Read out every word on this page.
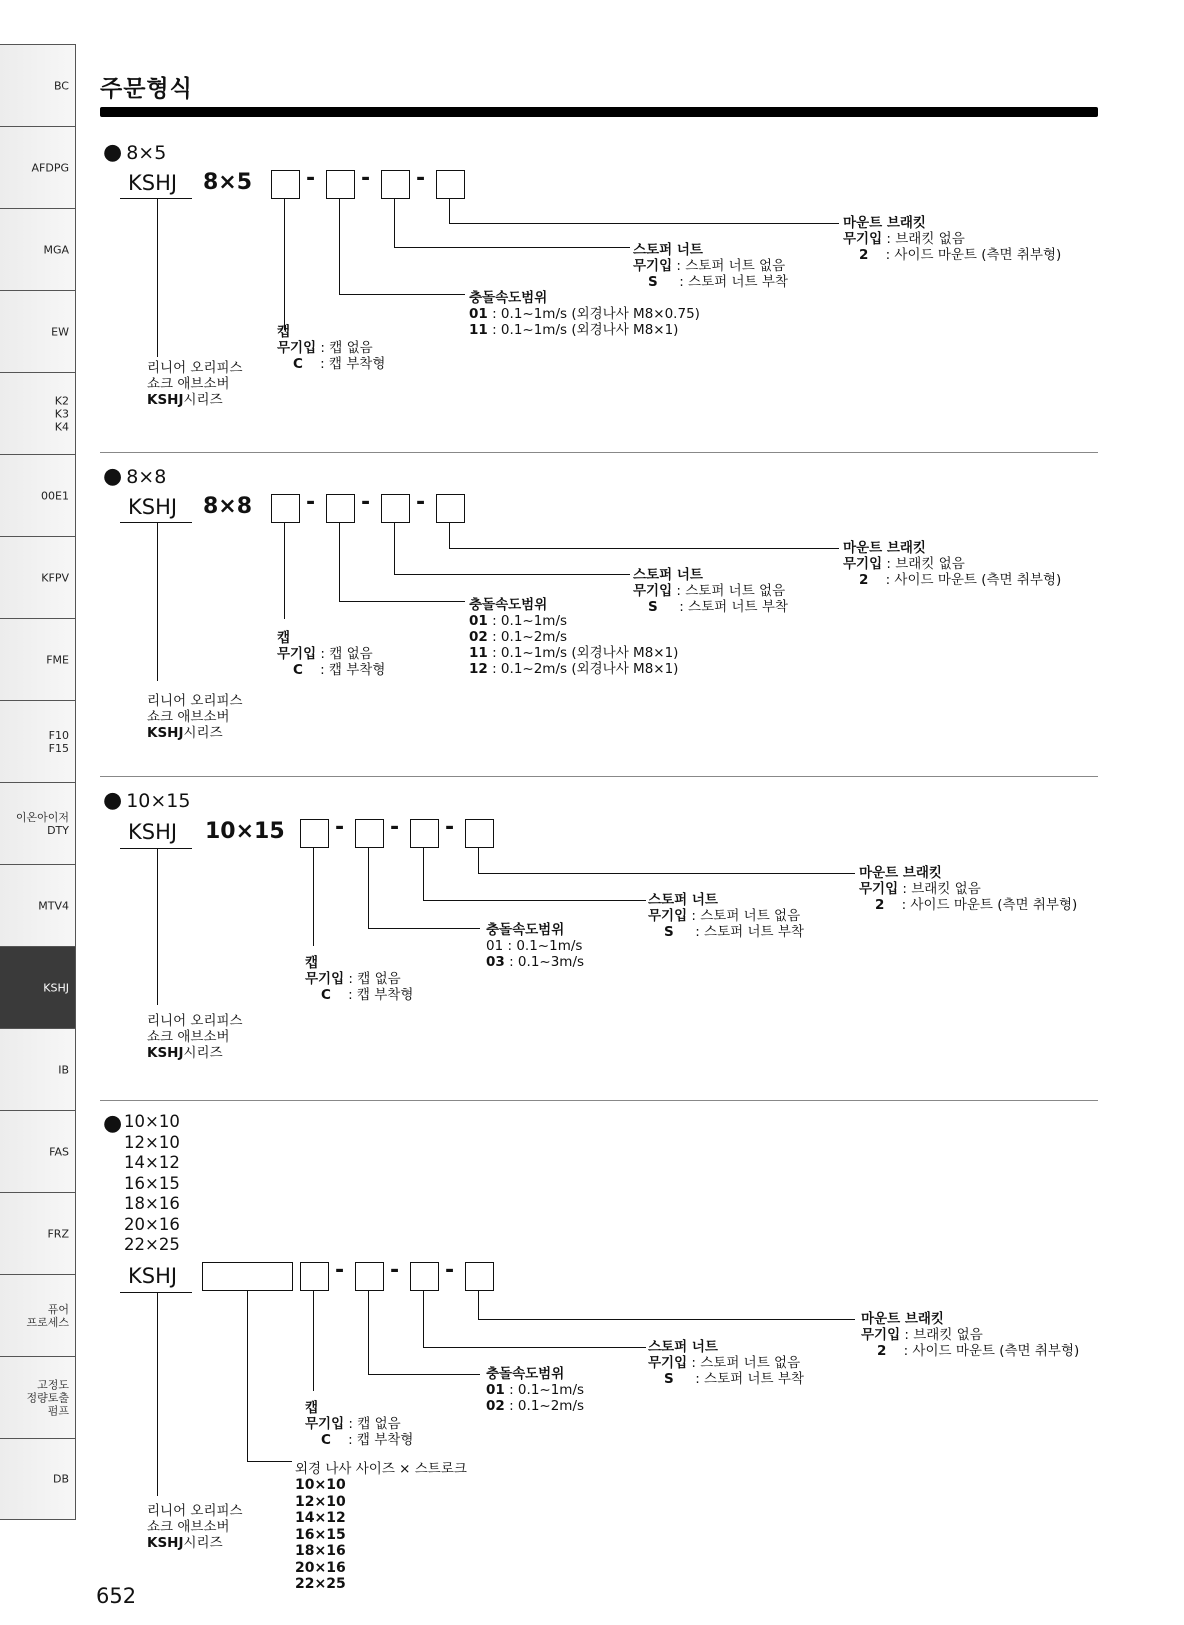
BC
AFDPG
MGA
EW
K2
K3
K4
00E1
KFPV
FME
F10
F15
이온아이저
DTY
MTV4
KSHJ
IB
FAS
FRZ
퓨어
프로세스
고정도
정량토출
펌프
DB
주문형식
● 8×5
KSHJ 8×5 - - -
마운트 브래킷
무기입 : 브래킷 없음
2 : 사이드 마운트 (측면 취부형)
스토퍼 너트
무기입 : 스토퍼 너트 없음
S : 스토퍼 너트 부착
충돌속도범위
01 : 0.1~1m/s (외경나사 M8×0.75)
11 : 0.1~1m/s (외경나사 M8×1)
캡
무기입 : 캡 없음
C : 캡 부착형
리니어 오리피스
쇼크 애브소버
KSHJ시리즈
● 8×8
KSHJ 8×8 - - -
마운트 브래킷
무기입 : 브래킷 없음
2 : 사이드 마운트 (측면 취부형)
스토퍼 너트
무기입 : 스토퍼 너트 없음
S : 스토퍼 너트 부착
충돌속도범위
01 : 0.1~1m/s
02 : 0.1~2m/s
11 : 0.1~1m/s (외경나사 M8×1)
12 : 0.1~2m/s (외경나사 M8×1)
캡
무기입 : 캡 없음
C : 캡 부착형
리니어 오리피스
쇼크 애브소버
KSHJ시리즈
● 10×15
KSHJ 10×15 - - -
마운트 브래킷
무기입 : 브래킷 없음
2 : 사이드 마운트 (측면 취부형)
스토퍼 너트
무기입 : 스토퍼 너트 없음
S : 스토퍼 너트 부착
충돌속도범위
01 : 0.1~1m/s
03 : 0.1~3m/s
캡
무기입 : 캡 없음
C : 캡 부착형
리니어 오리피스
쇼크 애브소버
KSHJ시리즈
● 10×10
12×10
14×12
16×15
18×16
20×16
22×25
KSHJ	- - -
마운트 브래킷
무기입 : 브래킷 없음
2 : 사이드 마운트 (측면 취부형)
스토퍼 너트
무기입 : 스토퍼 너트 없음
S : 스토퍼 너트 부착
충돌속도범위
01 : 0.1~1m/s
02 : 0.1~2m/s
캡
무기입 : 캡 없음
C : 캡 부착형
외경 나사 사이즈 × 스트로크
10×10
12×10
14×12
16×15
18×16
20×16
22×25
리니어 오리피스
쇼크 애브소버
KSHJ시리즈
652
